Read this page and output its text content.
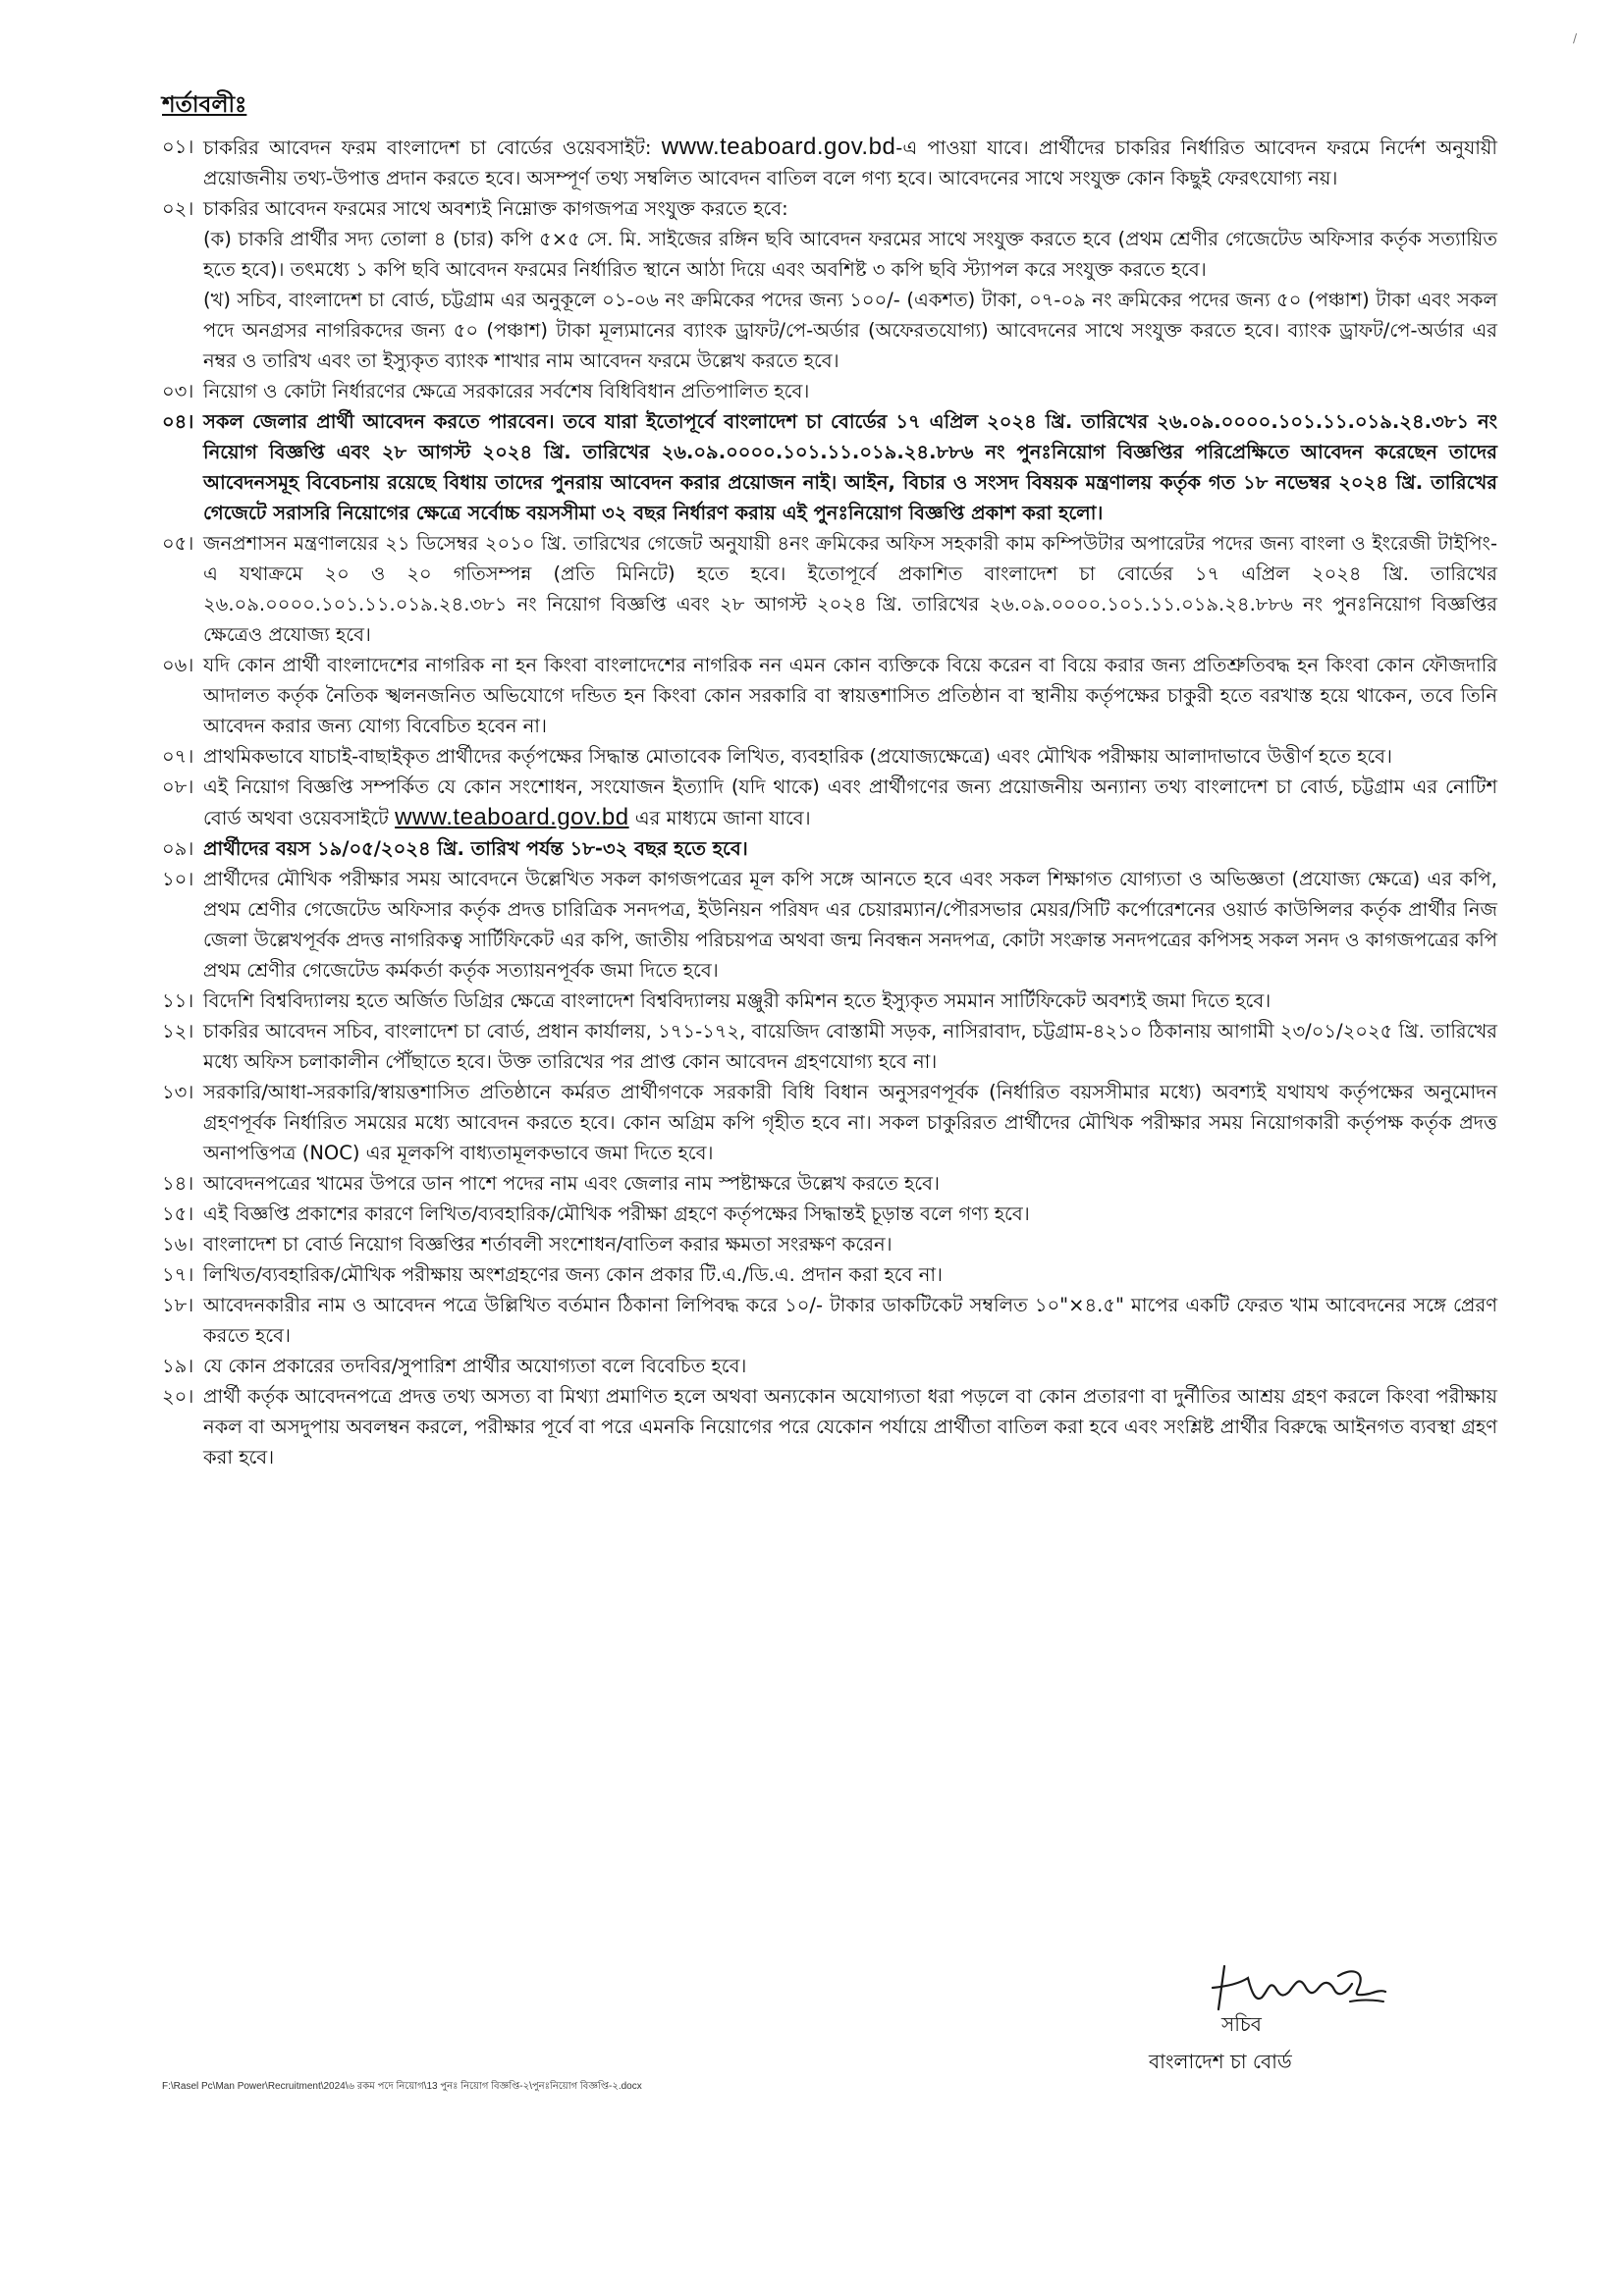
/
শর্তাবলীঃ
০১। চাকরির আবেদন ফরম বাংলাদেশ চা বোর্ডের ওয়েবসাইট: www.teaboard.gov.bd-এ পাওয়া যাবে। প্রার্থীদের চাকরির নির্ধারিত আবেদন ফরমে নির্দেশ অনুযায়ী প্রয়োজনীয় তথ্য-উপাত্ত প্রদান করতে হবে। অসম্পূর্ণ তথ্য সম্বলিত আবেদন বাতিল বলে গণ্য হবে। আবেদনের সাথে সংযুক্ত কোন কিছুই ফেরৎযোগ্য নয়।
০২। চাকরির আবেদন ফরমের সাথে অবশ্যই নিম্নোক্ত কাগজপত্র সংযুক্ত করতে হবে:
(ক) চাকরি প্রার্থীর সদ্য তোলা ৪ (চার) কপি ৫×৫ সে. মি. সাইজের রঙ্গিন ছবি আবেদন ফরমের সাথে সংযুক্ত করতে হবে (প্রথম শ্রেণীর গেজেটেড অফিসার কর্তৃক সত্যায়িত হতে হবে)। তৎমধ্যে ১ কপি ছবি আবেদন ফরমের নির্ধারিত স্থানে আঠা দিয়ে এবং অবশিষ্ট ৩ কপি ছবি স্ট্যাপল করে সংযুক্ত করতে হবে।
(খ) সচিব, বাংলাদেশ চা বোর্ড, চট্টগ্রাম এর অনুকূলে ০১-০৬ নং ক্রমিকের পদের জন্য ১০০/- (একশত) টাকা, ০৭-০৯ নং ক্রমিকের পদের জন্য ৫০ (পঞ্চাশ) টাকা এবং সকল পদে অনগ্রসর নাগরিকদের জন্য ৫০ (পঞ্চাশ) টাকা মূল্যমানের ব্যাংক ড্রাফট/পে-অর্ডার (অফেরতযোগ্য) আবেদনের সাথে সংযুক্ত করতে হবে। ব্যাংক ড্রাফট/পে-অর্ডার এর নম্বর ও তারিখ এবং তা ইস্যুকৃত ব্যাংক শাখার নাম আবেদন ফরমে উল্লেখ করতে হবে।
০৩। নিয়োগ ও কোটা নির্ধারণের ক্ষেত্রে সরকারের সর্বশেষ বিধিবিধান প্রতিপালিত হবে।
০৪। সকল জেলার প্রার্থী আবেদন করতে পারবেন। তবে যারা ইতোপূর্বে বাংলাদেশ চা বোর্ডের ১৭ এপ্রিল ২০২৪ খ্রি. তারিখের ২৬.০৯.০০০০.১০১.১১.০১৯.২৪.৩৮১ নং নিয়োগ বিজ্ঞপ্তি এবং ২৮ আগস্ট ২০২৪ খ্রি. তারিখের ২৬.০৯.০০০০.১০১.১১.০১৯.২৪.৮৮৬ নং পুনঃনিয়োগ বিজ্ঞপ্তির পরিপ্রেক্ষিতে আবেদন করেছেন তাদের আবেদনসমূহ বিবেচনায় রয়েছে বিধায় তাদের পুনরায় আবেদন করার প্রয়োজন নাই। আইন, বিচার ও সংসদ বিষয়ক মন্ত্রণালয় কর্তৃক গত ১৮ নভেম্বর ২০২৪ খ্রি. তারিখের গেজেটে সরাসরি নিয়োগের ক্ষেত্রে সর্বোচ্চ বয়সসীমা ৩২ বছর নির্ধারণ করায় এই পুনঃনিয়োগ বিজ্ঞপ্তি প্রকাশ করা হলো।
০৫। জনপ্রশাসন মন্ত্রণালয়ের ২১ ডিসেম্বর ২০১০ খ্রি. তারিখের গেজেট অনুযায়ী ৪নং ক্রমিকের অফিস সহকারী কাম কম্পিউটার অপারেটর পদের জন্য বাংলা ও ইংরেজী টাইপিং-এ যথাক্রমে ২০ ও ২০ গতিসম্পন্ন (প্রতি মিনিটে) হতে হবে। ইতোপূর্বে প্রকাশিত বাংলাদেশ চা বোর্ডের ১৭ এপ্রিল ২০২৪ খ্রি. তারিখের ২৬.০৯.০০০০.১০১.১১.০১৯.২৪.৩৮১ নং নিয়োগ বিজ্ঞপ্তি এবং ২৮ আগস্ট ২০২৪ খ্রি. তারিখের ২৬.০৯.০০০০.১০১.১১.০১৯.২৪.৮৮৬ নং পুনঃনিয়োগ বিজ্ঞপ্তির ক্ষেত্রেও প্রযোজ্য হবে।
০৬। যদি কোন প্রার্থী বাংলাদেশের নাগরিক না হন কিংবা বাংলাদেশের নাগরিক নন এমন কোন ব্যক্তিকে বিয়ে করেন বা বিয়ে করার জন্য প্রতিশ্রুতিবদ্ধ হন কিংবা কোন ফৌজদারি আদালত কর্তৃক নৈতিক স্খলনজনিত অভিযোগে দন্ডিত হন কিংবা কোন সরকারি বা স্বায়ত্তশাসিত প্রতিষ্ঠান বা স্থানীয় কর্তৃপক্ষের চাকুরী হতে বরখাস্ত হয়ে থাকেন, তবে তিনি আবেদন করার জন্য যোগ্য বিবেচিত হবেন না।
০৭। প্রাথমিকভাবে যাচাই-বাছাইকৃত প্রার্থীদের কর্তৃপক্ষের সিদ্ধান্ত মোতাবেক লিখিত, ব্যবহারিক (প্রযোজ্যক্ষেত্রে) এবং মৌখিক পরীক্ষায় আলাদাভাবে উত্তীর্ণ হতে হবে।
০৮। এই নিয়োগ বিজ্ঞপ্তি সম্পর্কিত যে কোন সংশোধন, সংযোজন ইত্যাদি (যদি থাকে) এবং প্রার্থীগণের জন্য প্রয়োজনীয় অন্যান্য তথ্য বাংলাদেশ চা বোর্ড, চট্টগ্রাম এর নোটিশ বোর্ড অথবা ওয়েবসাইটে www.teaboard.gov.bd এর মাধ্যমে জানা যাবে।
০৯। প্রার্থীদের বয়স ১৯/০৫/২০২৪ খ্রি. তারিখ পর্যন্ত ১৮-৩২ বছর হতে হবে।
১০। প্রার্থীদের মৌখিক পরীক্ষার সময় আবেদনে উল্লেখিত সকল কাগজপত্রের মূল কপি সঙ্গে আনতে হবে এবং সকল শিক্ষাগত যোগ্যতা ও অভিজ্ঞতা (প্রযোজ্য ক্ষেত্রে) এর কপি, প্রথম শ্রেণীর গেজেটেড অফিসার কর্তৃক প্রদত্ত চারিত্রিক সনদপত্র, ইউনিয়ন পরিষদ এর চেয়ারম্যান/পৌরসভার মেয়র/সিটি কর্পোরেশনের ওয়ার্ড কাউন্সিলর কর্তৃক প্রার্থীর নিজ জেলা উল্লেখপূর্বক প্রদত্ত নাগরিকত্ব সার্টিফিকেট এর কপি, জাতীয় পরিচয়পত্র অথবা জন্ম নিবন্ধন সনদপত্র, কোটা সংক্রান্ত সনদপত্রের কপিসহ সকল সনদ ও কাগজপত্রের কপি প্রথম শ্রেণীর গেজেটেড কর্মকর্তা কর্তৃক সত্যায়নপূর্বক জমা দিতে হবে।
১১। বিদেশি বিশ্ববিদ্যালয় হতে অর্জিত ডিগ্রির ক্ষেত্রে বাংলাদেশ বিশ্ববিদ্যালয় মঞ্জুরী কমিশন হতে ইস্যুকৃত সমমান সার্টিফিকেট অবশ্যই জমা দিতে হবে।
১২। চাকরির আবেদন সচিব, বাংলাদেশ চা বোর্ড, প্রধান কার্যালয়, ১৭১-১৭২, বায়েজিদ বোস্তামী সড়ক, নাসিরাবাদ, চট্টগ্রাম-৪২১০ ঠিকানায় আগামী ২৩/০১/২০২৫ খ্রি. তারিখের মধ্যে অফিস চলাকালীন পৌঁছাতে হবে। উক্ত তারিখের পর প্রাপ্ত কোন আবেদন গ্রহণযোগ্য হবে না।
১৩। সরকারি/আধা-সরকারি/স্বায়ত্তশাসিত প্রতিষ্ঠানে কর্মরত প্রার্থীগণকে সরকারী বিধি বিধান অনুসরণপূর্বক (নির্ধারিত বয়সসীমার মধ্যে) অবশ্যই যথাযথ কর্তৃপক্ষের অনুমোদন গ্রহণপূর্বক নির্ধারিত সময়ের মধ্যে আবেদন করতে হবে। কোন অগ্রিম কপি গৃহীত হবে না। সকল চাকুরিরত প্রার্থীদের মৌখিক পরীক্ষার সময় নিয়োগকারী কর্তৃপক্ষ কর্তৃক প্রদত্ত অনাপত্তিপত্র (NOC) এর মূলকপি বাধ্যতামূলকভাবে জমা দিতে হবে।
১৪। আবেদনপত্রের খামের উপরে ডান পাশে পদের নাম এবং জেলার নাম স্পষ্টাক্ষরে উল্লেখ করতে হবে।
১৫। এই বিজ্ঞপ্তি প্রকাশের কারণে লিখিত/ব্যবহারিক/মৌখিক পরীক্ষা গ্রহণে কর্তৃপক্ষের সিদ্ধান্তই চূড়ান্ত বলে গণ্য হবে।
১৬। বাংলাদেশ চা বোর্ড নিয়োগ বিজ্ঞপ্তির শর্তাবলী সংশোধন/বাতিল করার ক্ষমতা সংরক্ষণ করেন।
১৭। লিখিত/ব্যবহারিক/মৌখিক পরীক্ষায় অংশগ্রহণের জন্য কোন প্রকার টি.এ./ডি.এ. প্রদান করা হবে না।
১৮। আবেদনকারীর নাম ও আবেদন পত্রে উল্লিখিত বর্তমান ঠিকানা লিপিবদ্ধ করে ১০/- টাকার ডাকটিকেট সম্বলিত ১০"×৪.৫" মাপের একটি ফেরত খাম আবেদনের সঙ্গে প্রেরণ করতে হবে।
১৯। যে কোন প্রকারের তদবির/সুপারিশ প্রার্থীর অযোগ্যতা বলে বিবেচিত হবে।
২০। প্রার্থী কর্তৃক আবেদনপত্রে প্রদত্ত তথ্য অসত্য বা মিথ্যা প্রমাণিত হলে অথবা অন্যকোন অযোগ্যতা ধরা পড়লে বা কোন প্রতারণা বা দুর্নীতির আশ্রয় গ্রহণ করলে কিংবা পরীক্ষায় নকল বা অসদুপায় অবলম্বন করলে, পরীক্ষার পূর্বে বা পরে এমনকি নিয়োগের পরে যেকোন পর্যায়ে প্রার্থীতা বাতিল করা হবে এবং সংশ্লিষ্ট প্রার্থীর বিরুদ্ধে আইনগত ব্যবস্থা গ্রহণ করা হবে।
সচিব
বাংলাদেশ চা বোর্ড
F:\Rasel Pc\Man Power\Recruitment\2024\৬ রকম পদে নিয়োগ\13 পুনঃ নিয়োগ বিজ্ঞপ্তি-২\পুনঃনিয়োগ বিজ্ঞপ্তি-২.docx
